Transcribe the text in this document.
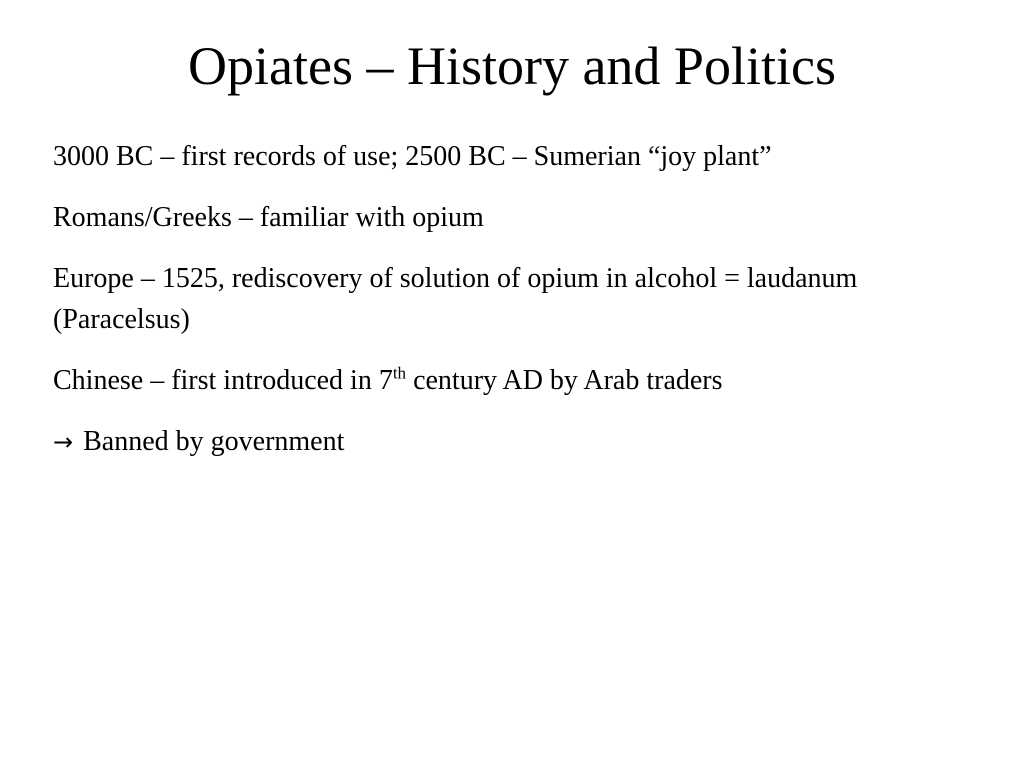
Opiates – History and Politics

3000 BC – first records of use; 2500 BC – Sumerian “joy plant”

Romans/Greeks – familiar with opium

Europe – 1525, rediscovery of solution of opium in alcohol = laudanum (Paracelsus)

Chinese – first introduced in 7th century AD by Arab traders

→ Banned by government
